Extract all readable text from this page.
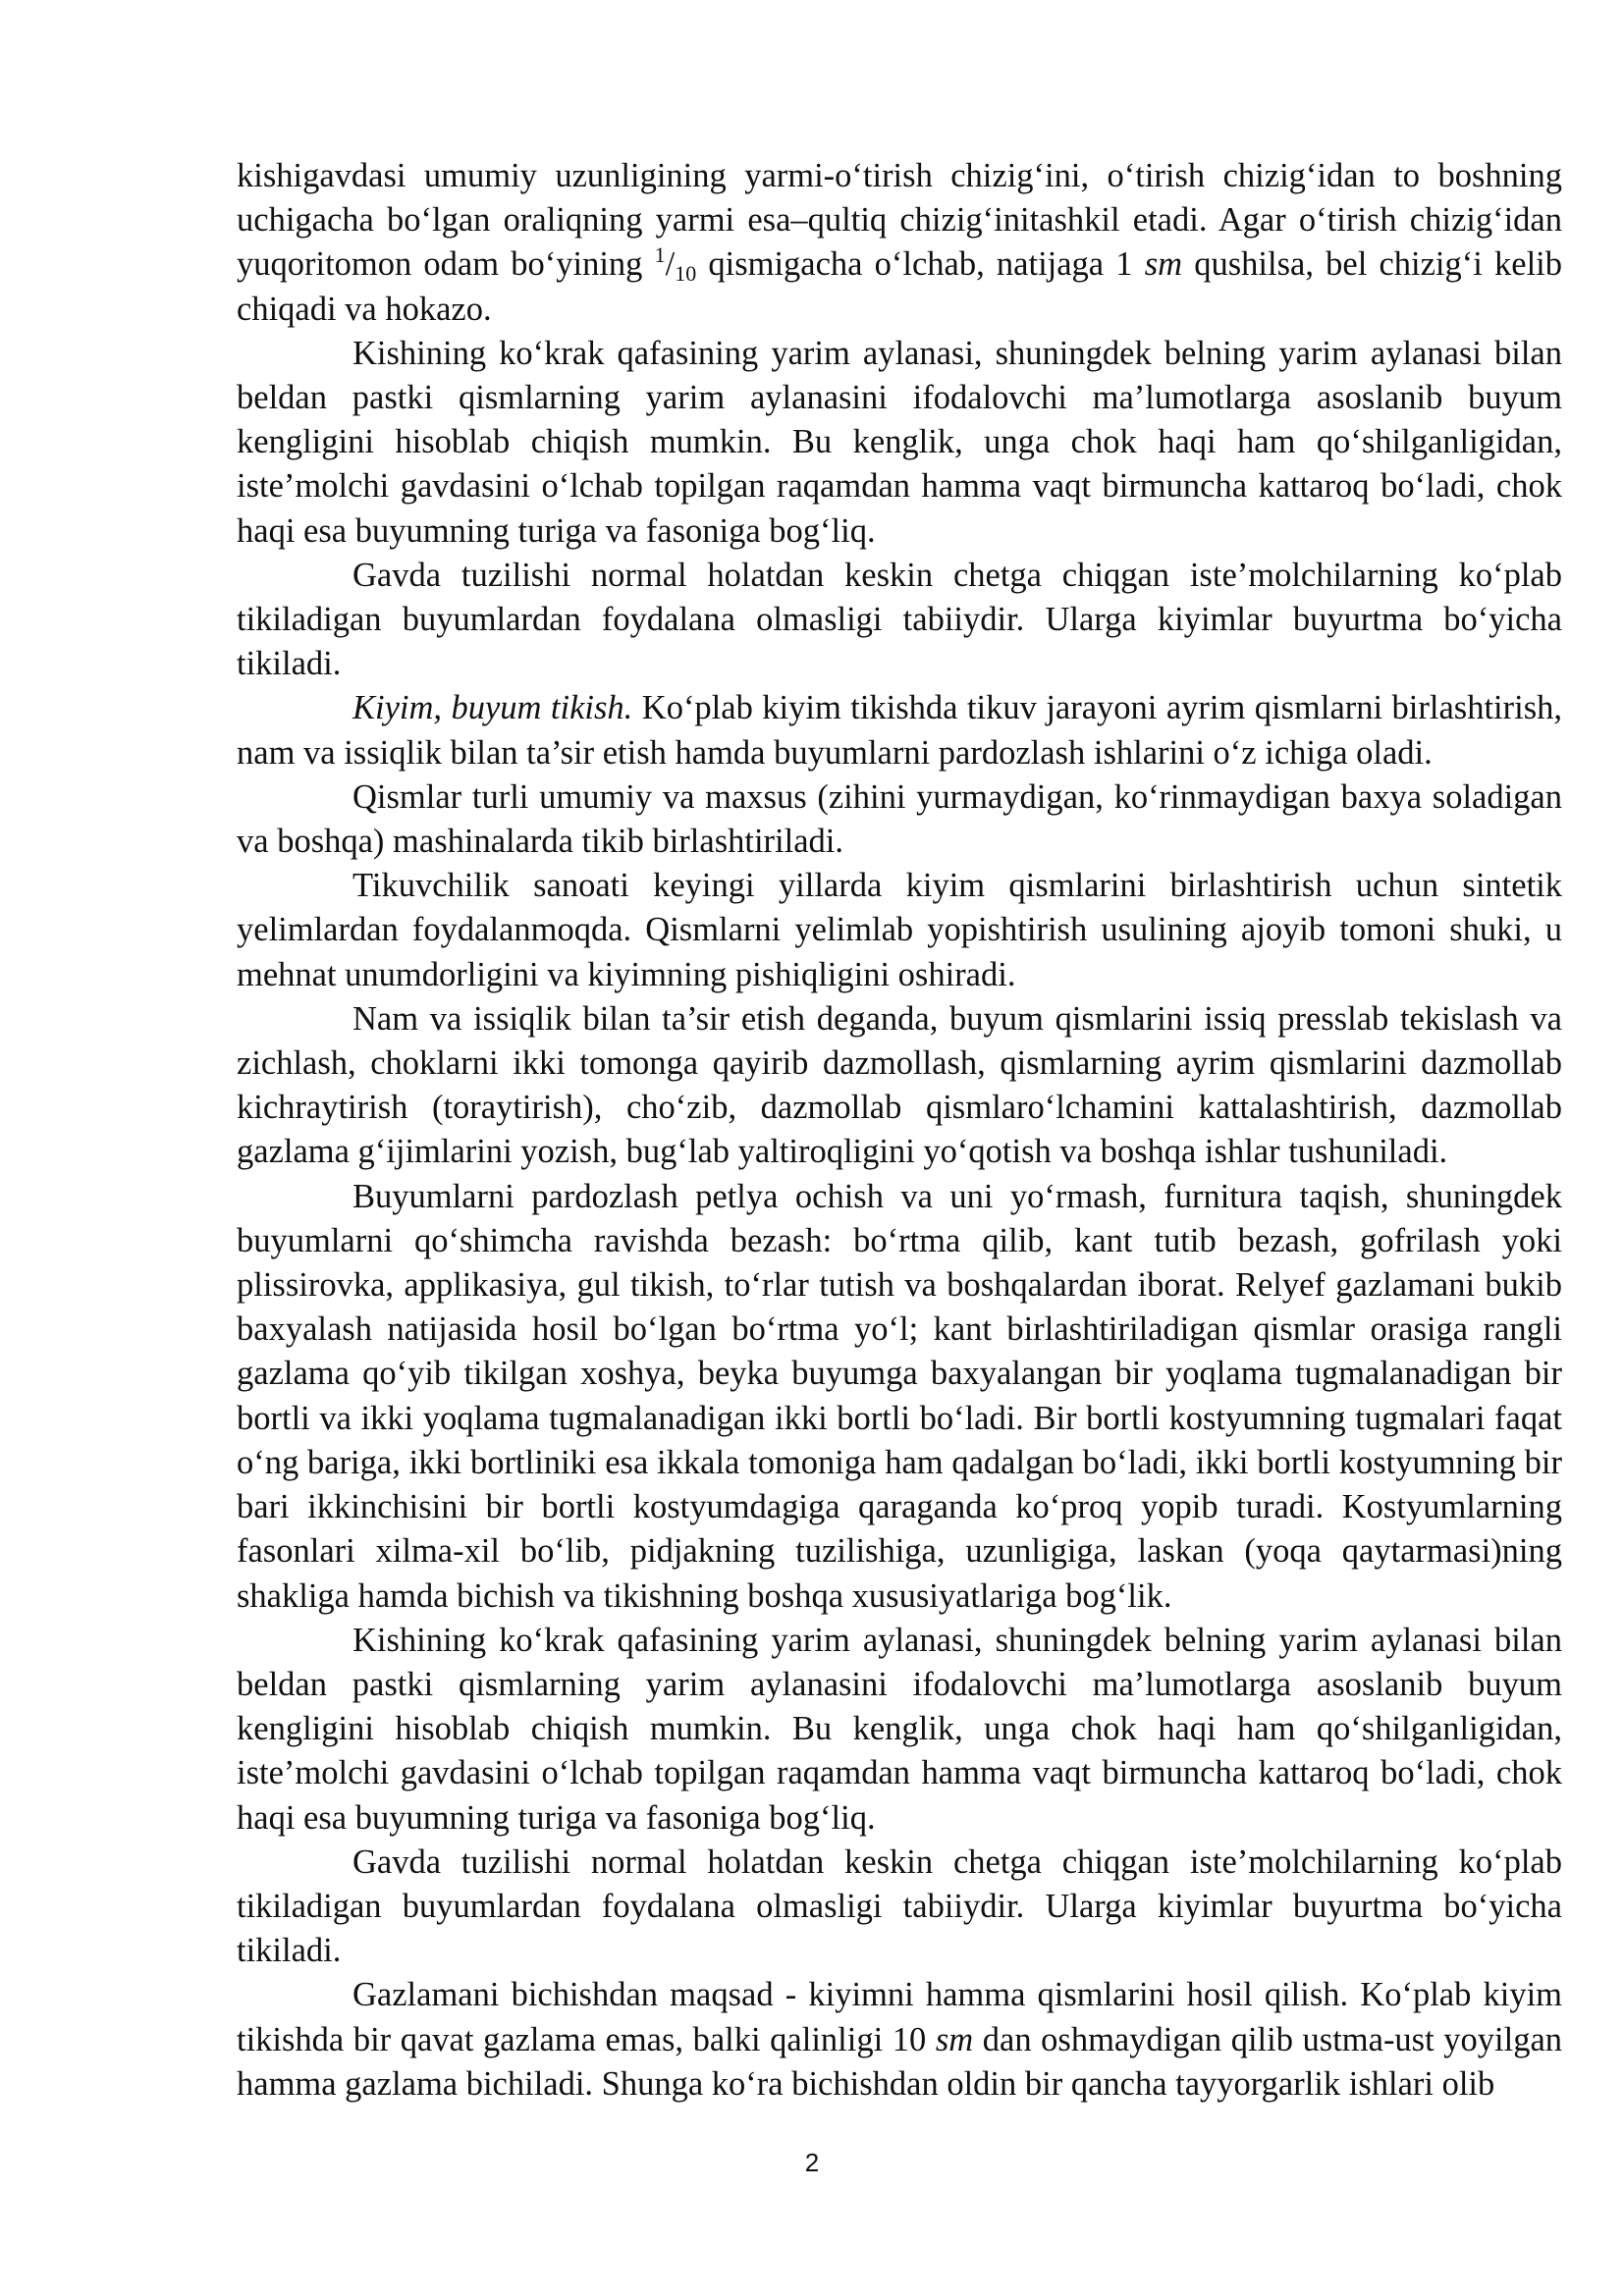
kishigavdasi umumiy uzunligining yarmi-o‘tirish chizig‘ini, o‘tirish chizig‘idan to boshning uchigacha bo‘lgan oraliqning yarmi esa–qultiq chizig‘initashkil etadi. Agar o‘tirish chizig‘idan yuqoritomon odam bo‘yining $^1/_{10}$ qismigacha o‘lchab, natijaga 1 sm qushilsa, bel chizig‘i kelib chiqadi va hokazo.

Kishining ko‘krak qafasining yarim aylanasi, shuningdek belning yarim aylanasi bilan beldan pastki qismlarning yarim aylanasini ifodalovchi ma’lumotlarga asoslanib buyum kengligini hisoblab chiqish mumkin. Bu kenglik, unga chok haqi ham qo‘shilganligidan, iste’molchi gavdasini o‘lchab topilgan raqamdan hamma vaqt birmuncha kattaroq bo‘ladi, chok haqi esa buyumning turiga va fasoniga bog‘liq.

Gavda tuzilishi normal holatdan keskin chetga chiqgan iste’molchilarning ko‘plab tikiladigan buyumlardan foydalana olmasligi tabiiydir. Ularga kiyimlar buyurtma bo‘yicha tikiladi.

Kiyim, buyum tikish. Ko‘plab kiyim tikishda tikuv jarayoni ayrim qismlarni birlashtirish, nam va issiqlik bilan ta’sir etish hamda buyumlarni pardozlash ishlarini o‘z ichiga oladi.

Qismlar turli umumiy va maxsus (zihini yurmaydigan, ko‘rinmaydigan baxya soladigan va boshqa) mashinalarda tikib birlashtiriladi.

Tikuvchilik sanoati keyingi yillarda kiyim qismlarini birlashtirish uchun sintetik yelimlardan foydalanmoqda. Qismlarni yelimlab yopishtirish usulining ajoyib tomoni shuki, u mehnat unumdorligini va kiyimning pishiqligini oshiradi.

Nam va issiqlik bilan ta’sir etish deganda, buyum qismlarini issiq presslab tekislash va zichlash, choklarni ikki tomonga qayirib dazmollash, qismlarning ayrim qismlarini dazmollab kichraytirish (toraytirish), cho‘zib, dazmollab qismlaro‘lchamini kattalashtirish, dazmollab gazlama g‘ijimlarini yozish, bug‘lab yaltiroqligini yo‘qotish va boshqa ishlar tushuniladi.

Buyumlarni pardozlash petlya ochish va uni yo‘rmash, furnitura taqish, shuningdek buyumlarni qo‘shimcha ravishda bezash: bo‘rtma qilib, kant tutib bezash, gofrilash yoki plissirovka, applikasiya, gul tikish, to‘rlar tutish va boshqalardan iborat. Relyef gazlamani bukib baxyalash natijasida hosil bo‘lgan bo‘rtma yo‘l; kant birlashtiriladigan qismlar orasiga rangli gazlama qo‘yib tikilgan xoshya, beyka buyumga baxyalangan bir yoqlama tugmalanadigan bir bortli va ikki yoqlama tugmalanadigan ikki bortli bo‘ladi. Bir bortli kostyumning tugmalari faqat o‘ng bariga, ikki bortliniki esa ikkala tomoniga ham qadalgan bo‘ladi, ikki bortli kostyumning bir bari ikkinchisini bir bortli kostyumdagiga qaraganda ko‘proq yopib turadi. Kostyumlarning fasonlari xilma-xil bo‘lib, pidjakning tuzilishiga, uzunligiga, laskan (yoqa qaytarmasi)ning shakliga hamda bichish va tikishning boshqa xususiyatlariga bog‘lik.

Kishining ko‘krak qafasining yarim aylanasi, shuningdek belning yarim aylanasi bilan beldan pastki qismlarning yarim aylanasini ifodalovchi ma’lumotlarga asoslanib buyum kengligini hisoblab chiqish mumkin. Bu kenglik, unga chok haqi ham qo‘shilganligidan, iste’molchi gavdasini o‘lchab topilgan raqamdan hamma vaqt birmuncha kattaroq bo‘ladi, chok haqi esa buyumning turiga va fasoniga bog‘liq.

Gavda tuzilishi normal holatdan keskin chetga chiqgan iste’molchilarning ko‘plab tikiladigan buyumlardan foydalana olmasligi tabiiydir. Ularga kiyimlar buyurtma bo‘yicha tikiladi.

Gazlamani bichishdan maqsad - kiyimni hamma qismlarini hosil qilish. Ko‘plab kiyim tikishda bir qavat gazlama emas, balki qalinligi 10 sm dan oshmaydigan qilib ustma-ust yoyilgan hamma gazlama bichiladi. Shunga ko‘ra bichishdan oldin bir qancha tayyorgarlik ishlari olib

2
